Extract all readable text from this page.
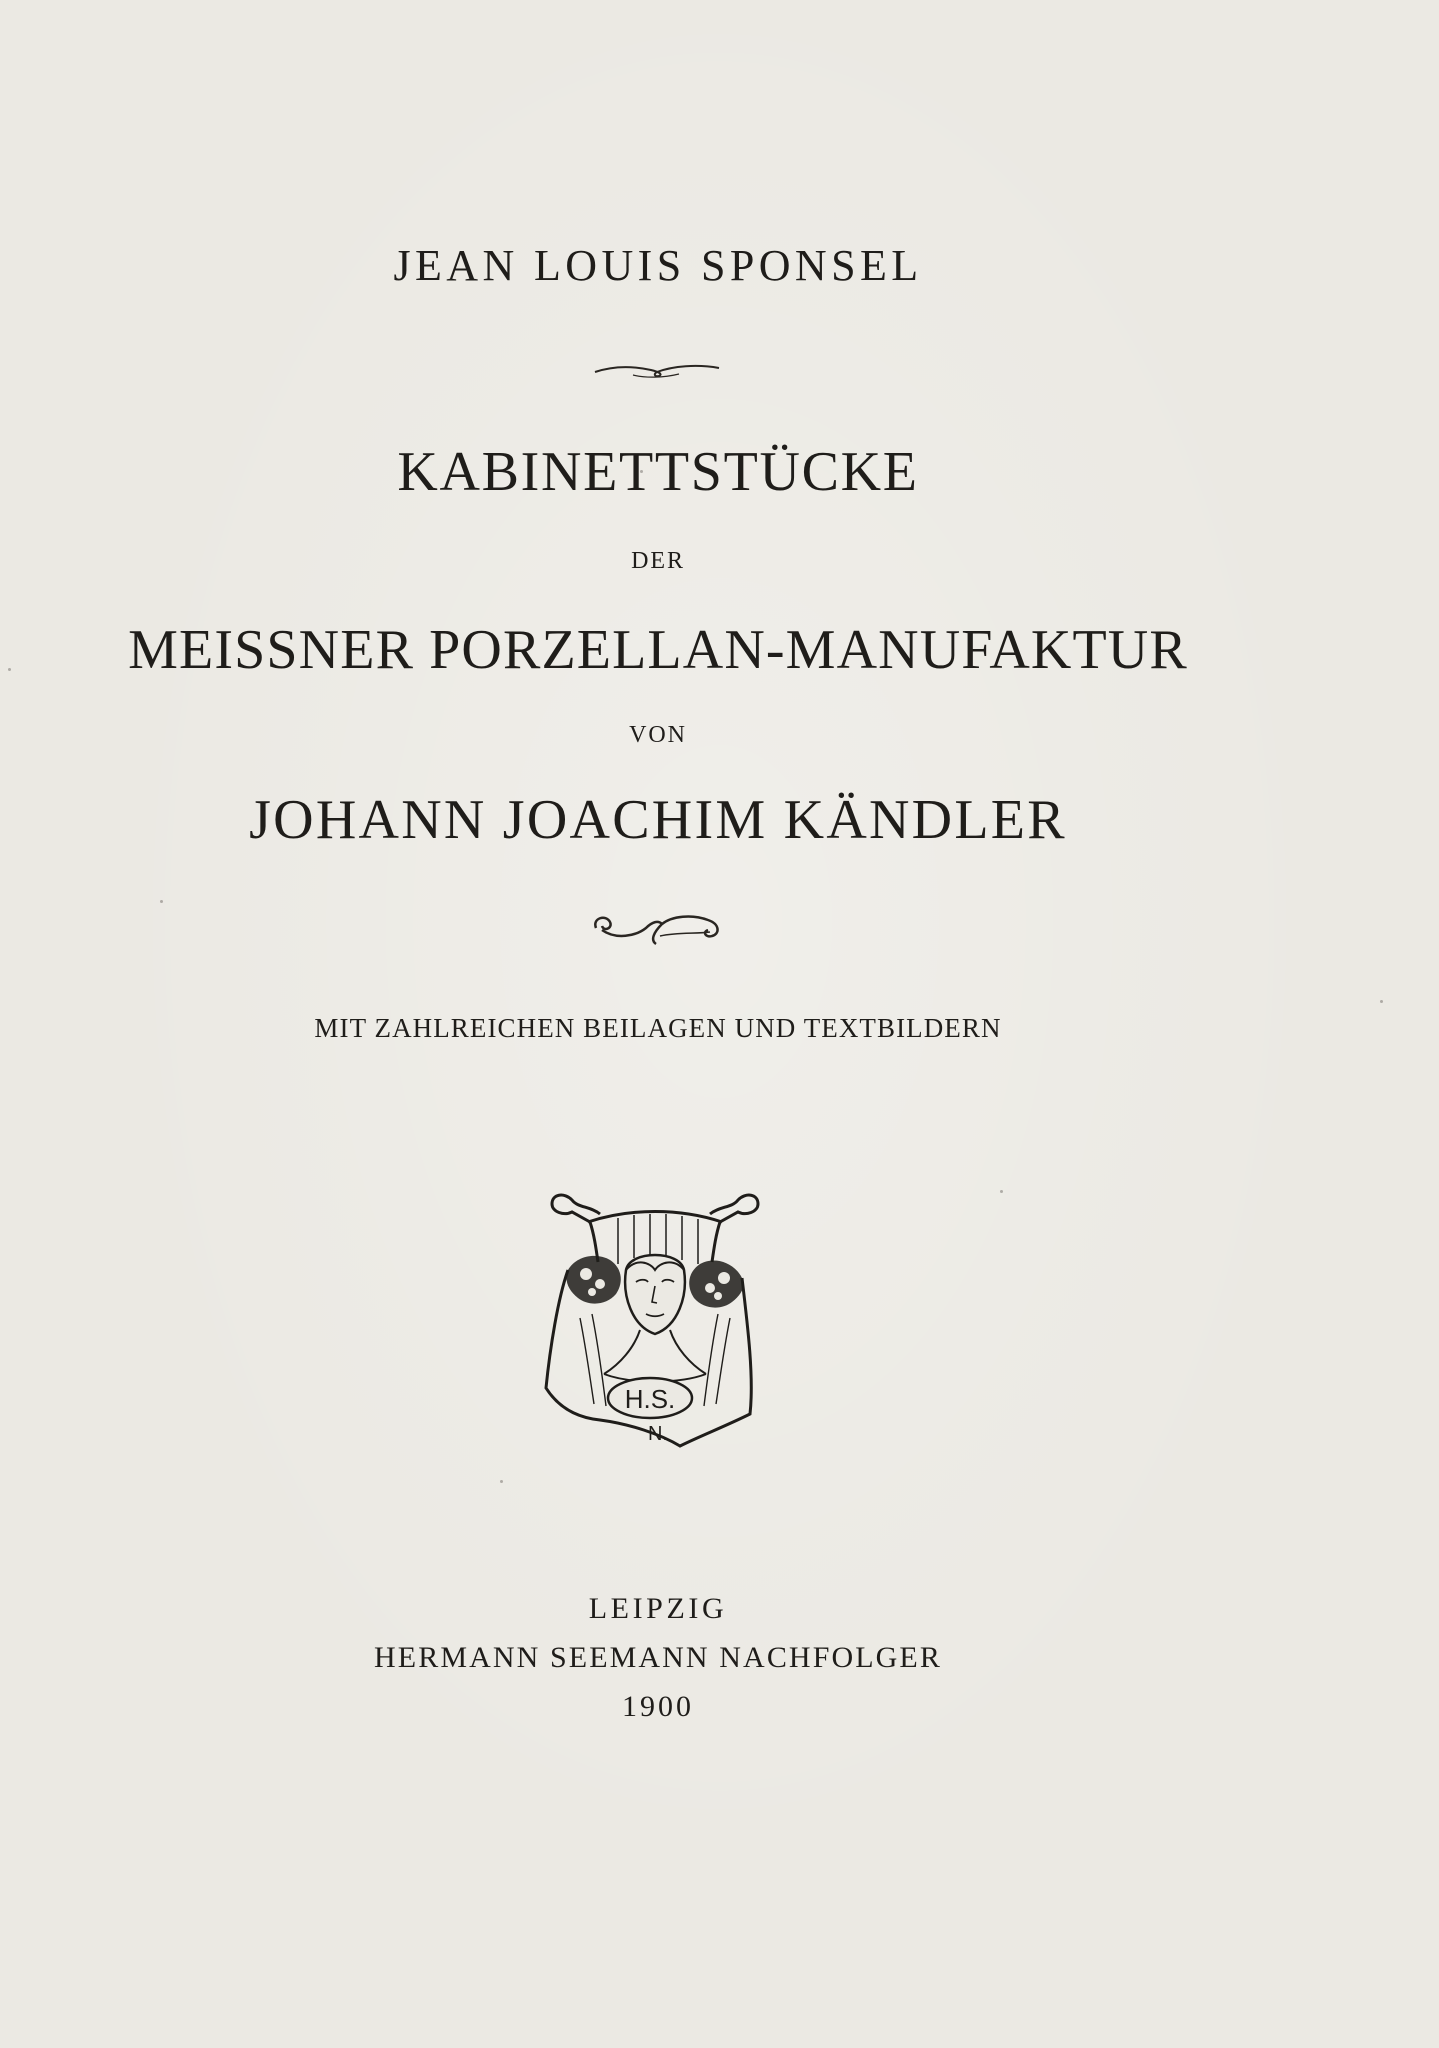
JEAN LOUIS SPONSEL
KABINETTSTÜCKE
DER
MEISSNER PORZELLAN-MANUFAKTUR
VON
JOHANN JOACHIM KÄNDLER
MIT ZAHLREICHEN BEILAGEN UND TEXTBILDERN
H.S.
N.
LEIPZIG
HERMANN SEEMANN NACHFOLGER
1900
